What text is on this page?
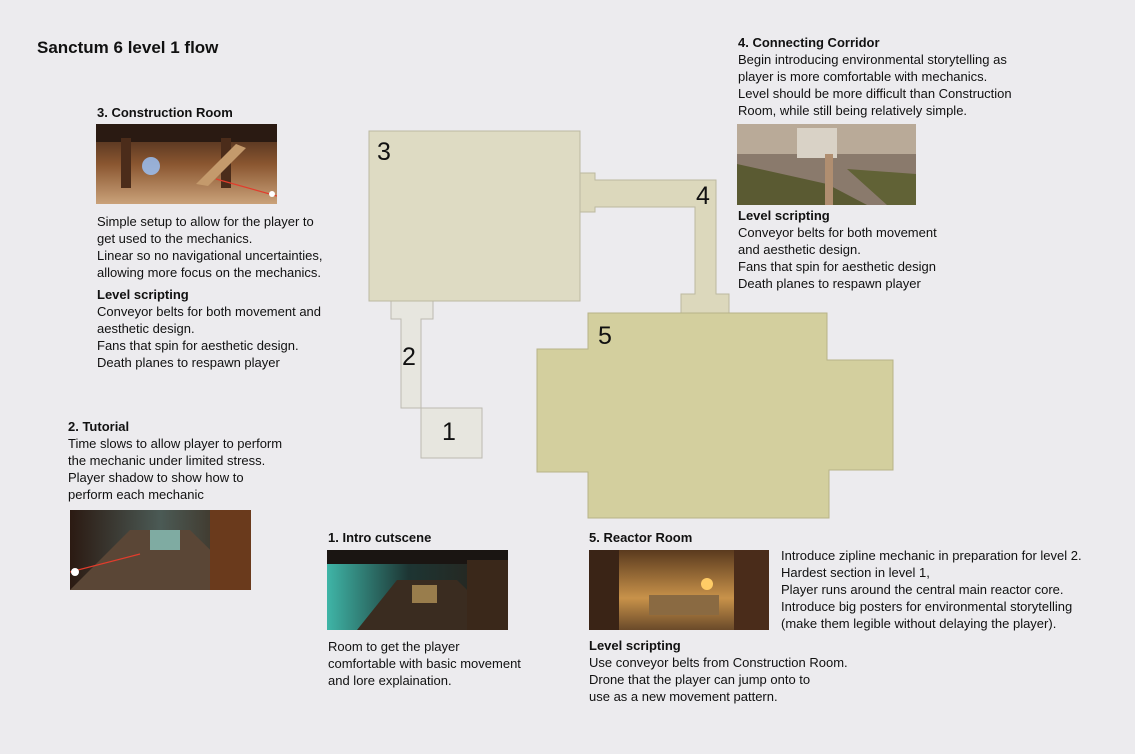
Sanctum 6 level 1 flow
3
4
2
1
5
3. Construction Room
Simple setup to allow for the player to
get used to the mechanics.
Linear so no navigational uncertainties,
allowing more focus on the mechanics.
Level scripting
Conveyor belts for both movement and
aesthetic design.
Fans that spin for aesthetic design.
Death planes to respawn player
2. Tutorial
Time slows to allow player to perform
the mechanic under limited stress.
Player shadow to show how to
perform each mechanic
1. Intro cutscene
Room to get the player
comfortable with basic movement
and lore explaination.
4. Connecting Corridor
Begin introducing environmental storytelling as
player is more comfortable with mechanics.
Level should be more difficult than Construction
Room, while still being relatively simple.
Level scripting
Conveyor belts for both movement
and aesthetic design.
Fans that spin for aesthetic design
Death planes to respawn player
5. Reactor Room
Introduce zipline mechanic in preparation for level 2.
Hardest section in level 1,
Player runs around the central main reactor core.
Introduce big posters for environmental storytelling
(make them legible without delaying the player).
Level scripting
Use conveyor belts from Construction Room.
Drone that the player can jump onto to
use as a new movement pattern.
